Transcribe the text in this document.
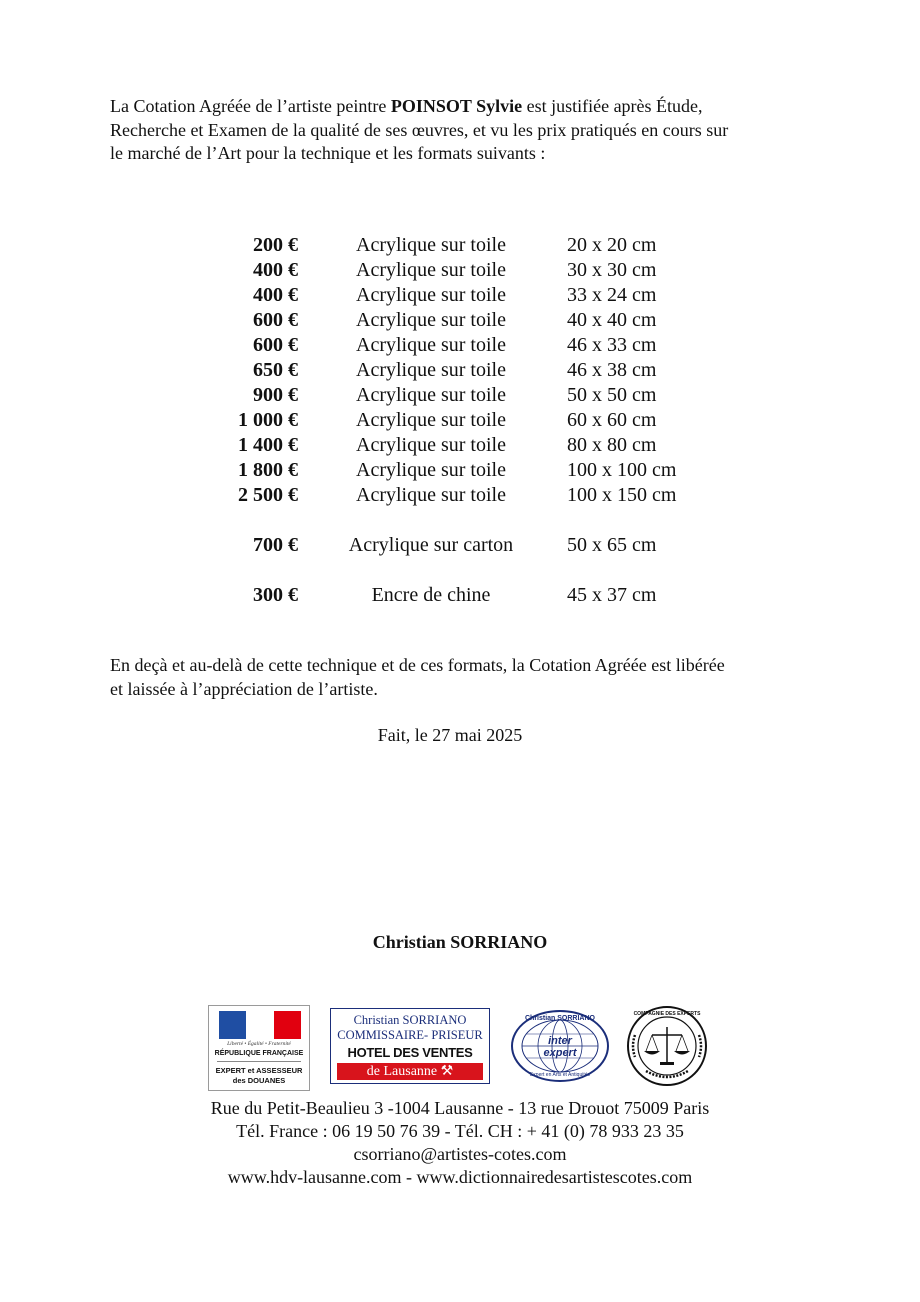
La Cotation Agréée de l’artiste peintre POINSOT Sylvie est justifiée après Étude,
Recherche et Examen de la qualité de ses œuvres, et vu les prix pratiqués en cours sur
le marché de l’Art pour la technique et les formats suivants :
200 €	Acrylique sur toile	20 x 20 cm
400 €	Acrylique sur toile	30 x 30 cm
400 €	Acrylique sur toile	33 x 24 cm
600 €	Acrylique sur toile	40 x 40 cm
600 €	Acrylique sur toile	46 x 33 cm
650 €	Acrylique sur toile	46 x 38 cm
900 €	Acrylique sur toile	50 x 50 cm
1 000 €	Acrylique sur toile	60 x 60 cm
1 400 €	Acrylique sur toile	80 x 80 cm
1 800 €	Acrylique sur toile	100 x 100 cm
2 500 €	Acrylique sur toile	100 x 150 cm
700 €	Acrylique sur carton	50 x 65 cm
300 €	Encre de chine	45 x 37 cm
En deçà et au-delà de cette technique et de ces formats, la Cotation Agréée est libérée
et laissée à l’appréciation de l’artiste.
Fait, le 27 mai 2025
Christian SORRIANO
Liberté • Égalité • Fraternité
RÉPUBLIQUE FRANÇAISE
EXPERT et ASSESSEUR
des DOUANES
Christian SORRIANO
COMMISSAIRE- PRISEUR
HOTEL DES VENTES
de Lausanne ⚒
Christian SORRIANO
inter
expert
Expert en Arts et Antiquités
COMPAGNIE DES EXPERTS
Rue du Petit-Beaulieu 3 -1004 Lausanne - 13 rue Drouot 75009 Paris
Tél. France : 06 19 50 76 39 - Tél. CH : + 41 (0) 78 933 23 35
csorriano@artistes-cotes.com
www.hdv-lausanne.com - www.dictionnairedesartistescotes.com
